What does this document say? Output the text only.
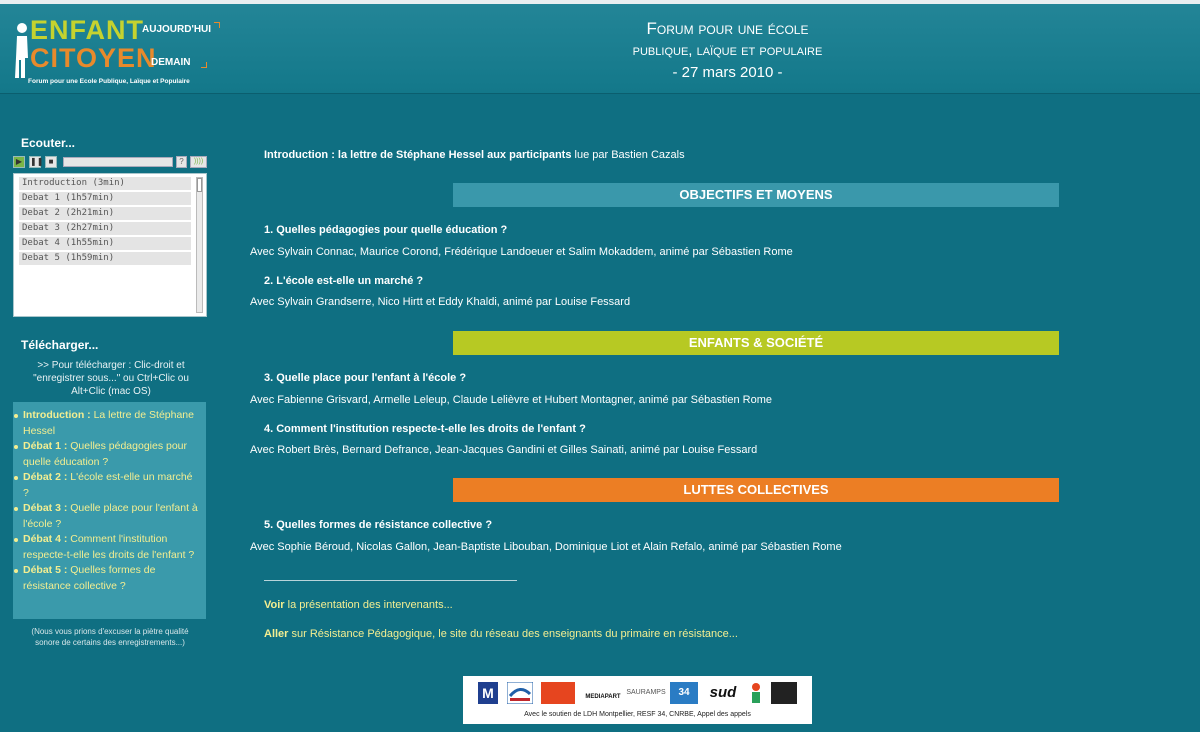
ENFANT
CITOYEN
AUJOURD'HUI
DEMAIN
Forum pour une Ecole Publique, Laïque et Populaire
Forum pour une école
publique, laïque et populaire
- 27 mars 2010 -
Ecouter...
▶ ❚❚ ■	?	))))
Introduction (3min)
Debat 1 (1h57min)
Debat 2 (2h21min)
Debat 3 (2h27min)
Debat 4 (1h55min)
Debat 5 (1h59min)
Télécharger...
>> Pour télécharger : Clic-droit et "enregistrer sous..." ou Ctrl+Clic ou Alt+Clic (mac OS)
Introduction : La lettre de Stéphane Hessel
Débat 1 : Quelles pédagogies pour quelle éducation ?
Débat 2 : L'école est-elle un marché ?
Débat 3 : Quelle place pour l'enfant à l'école ?
Débat 4 : Comment l'institution respecte-t-elle les droits de l'enfant ?
Débat 5 : Quelles formes de résistance collective ?
(Nous vous prions d'excuser la piètre qualité sonore de certains des enregistrements...)
Introduction : la lettre de Stéphane Hessel aux participants lue par Bastien Cazals
OBJECTIFS ET MOYENS
1. Quelles pédagogies pour quelle éducation ?
Avec Sylvain Connac, Maurice Corond, Frédérique Landoeuer et Salim Mokaddem, animé par Sébastien Rome
2. L'école est-elle un marché ?
Avec Sylvain Grandserre, Nico Hirtt et Eddy Khaldi, animé par Louise Fessard
ENFANTS & SOCIÉTÉ
3. Quelle place pour l'enfant à l'école ?
Avec Fabienne Grisvard, Armelle Leleup, Claude Lelièvre et Hubert Montagner, animé par Sébastien Rome
4. Comment l'institution respecte-t-elle les droits de l'enfant ?
Avec Robert Brès, Bernard Defrance, Jean-Jacques Gandini et Gilles Sainati, animé par Louise Fessard
LUTTES COLLECTIVES
5. Quelles formes de résistance collective ?
Avec Sophie Béroud, Nicolas Gallon, Jean-Baptiste Libouban, Dominique Liot et Alain Refalo, animé par Sébastien Rome
Voir la présentation des intervenants...
Aller sur Résistance Pédagogique, le site du réseau des enseignants du primaire en résistance...
M	MEDIAPART
SAURAMPS	34	sud
Avec le soutien de LDH Montpellier, RESF 34, CNRBE, Appel des appels
